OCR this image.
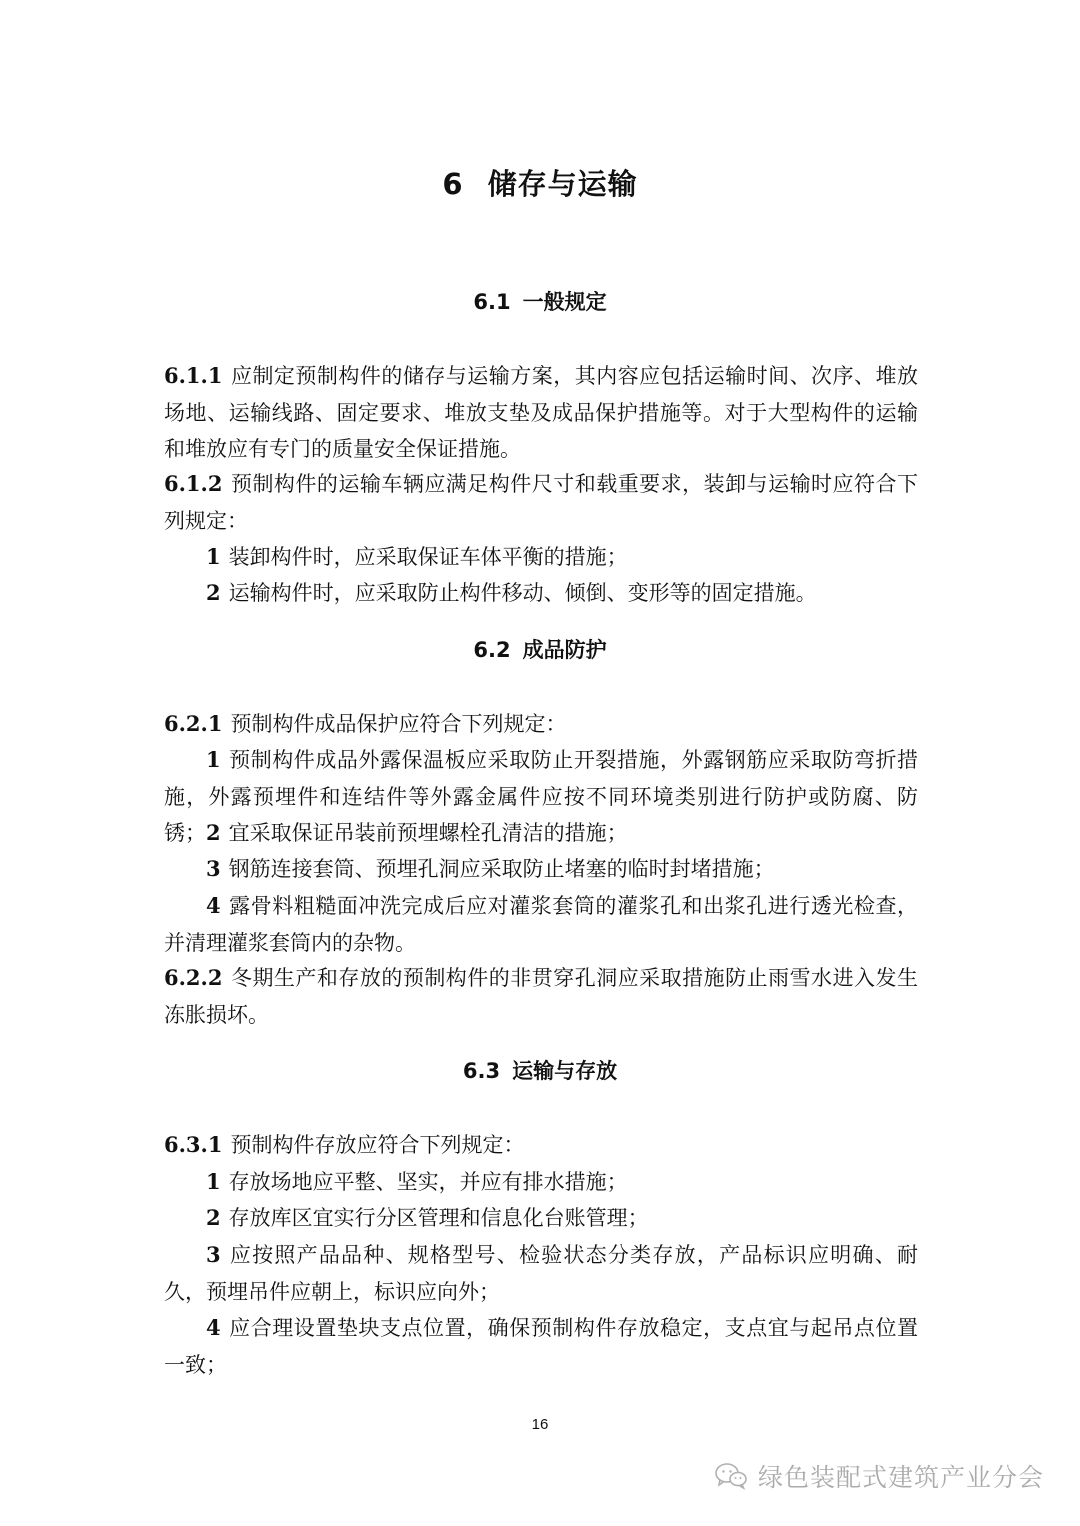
6 储存与运输
6.1 一般规定
6.1.1 应制定预制构件的储存与运输方案，其内容应包括运输时间、次序、堆放场地、运输线路、固定要求、堆放支垫及成品保护措施等。对于大型构件的运输和堆放应有专门的质量安全保证措施。
6.1.2 预制构件的运输车辆应满足构件尺寸和载重要求，装卸与运输时应符合下列规定：
1 装卸构件时，应采取保证车体平衡的措施；
2 运输构件时，应采取防止构件移动、倾倒、变形等的固定措施。
6.2 成品防护
6.2.1 预制构件成品保护应符合下列规定：
1 预制构件成品外露保温板应采取防止开裂措施，外露钢筋应采取防弯折措施，外露预埋件和连结件等外露金属件应按不同环境类别进行防护或防腐、防锈； 2 宜采取保证吊装前预埋螺栓孔清洁的措施；
3 钢筋连接套筒、预埋孔洞应采取防止堵塞的临时封堵措施；
4 露骨料粗糙面冲洗完成后应对灌浆套筒的灌浆孔和出浆孔进行透光检查，并清理灌浆套筒内的杂物。
6.2.2 冬期生产和存放的预制构件的非贯穿孔洞应采取措施防止雨雪水进入发生冻胀损坏。
6.3 运输与存放
6.3.1 预制构件存放应符合下列规定：
1 存放场地应平整、坚实，并应有排水措施；
2 存放库区宜实行分区管理和信息化台账管理；
3 应按照产品品种、规格型号、检验状态分类存放，产品标识应明确、耐久，预埋吊件应朝上，标识应向外；
4 应合理设置垫块支点位置，确保预制构件存放稳定，支点宜与起吊点位置一致；
16
绿色装配式建筑产业分会
